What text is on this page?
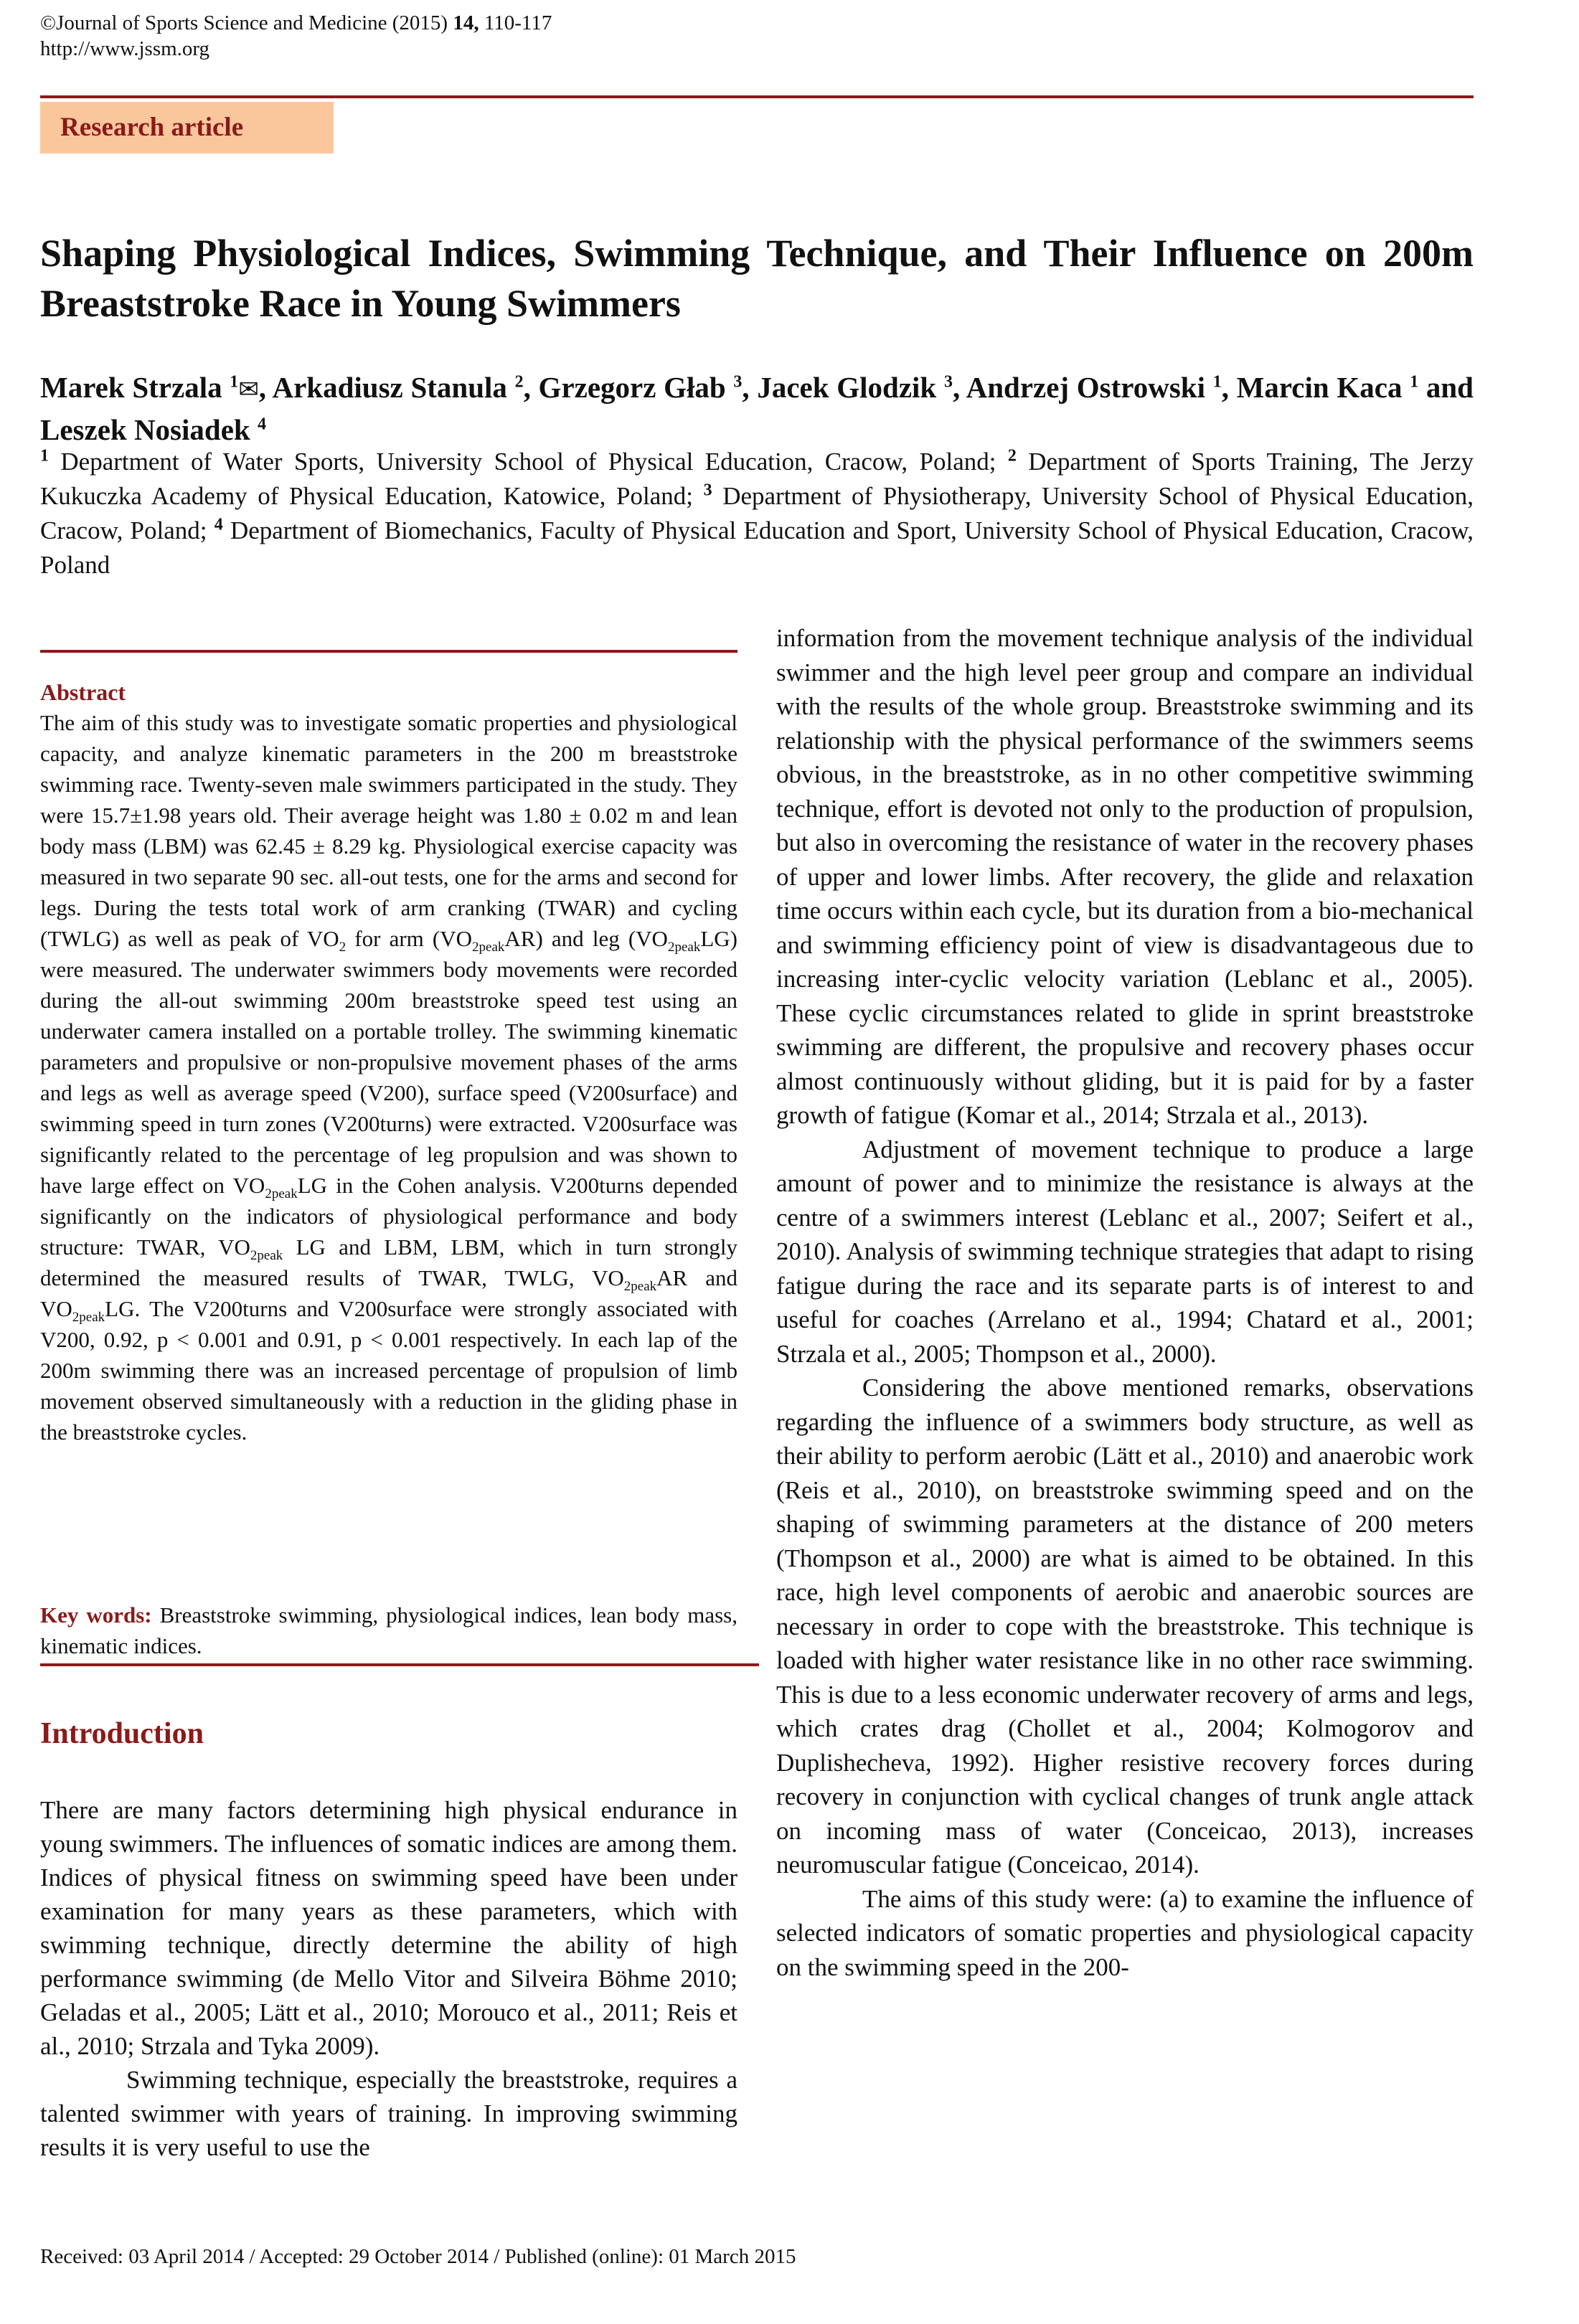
©Journal of Sports Science and Medicine (2015) 14, 110-117
http://www.jssm.org
Research article
Shaping Physiological Indices, Swimming Technique, and Their Influence on 200m Breaststroke Race in Young Swimmers
Marek Strzala $^1$✉, Arkadiusz Stanula $^2$, Grzegorz Głab $^3$, Jacek Glodzik $^3$, Andrzej Ostrowski $^1$, Marcin Kaca $^1$ and Leszek Nosiadek $^4$
$^1$ Department of Water Sports, University School of Physical Education, Cracow, Poland; $^2$ Department of Sports Training, The Jerzy Kukuczka Academy of Physical Education, Katowice, Poland; $^3$ Department of Physiotherapy, University School of Physical Education, Cracow, Poland; $^4$ Department of Biomechanics, Faculty of Physical Education and Sport, University School of Physical Education, Cracow, Poland
Abstract
The aim of this study was to investigate somatic properties and physiological capacity, and analyze kinematic parameters in the 200 m breaststroke swimming race. Twenty-seven male swimmers participated in the study. They were 15.7±1.98 years old. Their average height was 1.80 ± 0.02 m and lean body mass (LBM) was 62.45 ± 8.29 kg. Physiological exercise capacity was measured in two separate 90 sec. all-out tests, one for the arms and second for legs. During the tests total work of arm cranking (TWAR) and cycling (TWLG) as well as peak of $VO_2$ for arm $(VO_{2peak}AR)$ and leg $(VO_{2peak}LG)$ were measured. The underwater swimmers body movements were recorded during the all-out swimming 200m breaststroke speed test using an underwater camera installed on a portable trolley. The swimming kinematic parameters and propulsive or non-propulsive movement phases of the arms and legs as well as average speed (V200), surface speed (V200surface) and swimming speed in turn zones (V200turns) were extracted. V200surface was significantly related to the percentage of leg propulsion and was shown to have large effect on $VO_{2peak}LG$ in the Cohen analysis. V200turns depended significantly on the indicators of physiological performance and body structure: TWAR, $VO_{2peak}$ LG and LBM, LBM, which in turn strongly determined the measured results of TWAR, TWLG, $VO_{2peak}AR$ and $VO_{2peak}LG$. The V200turns and V200surface were strongly associated with V200, 0.92, p < 0.001 and 0.91, p < 0.001 respectively. In each lap of the 200m swimming there was an increased percentage of propulsion of limb movement observed simultaneously with a reduction in the gliding phase in the breaststroke cycles.
Key words: Breaststroke swimming, physiological indices, lean body mass, kinematic indices.
Introduction

There are many factors determining high physical endurance in young swimmers. The influences of somatic indices are among them. Indices of physical fitness on swimming speed have been under examination for many years as these parameters, which with swimming technique, directly determine the ability of high performance swimming (de Mello Vitor and Silveira Böhme 2010; Geladas et al., 2005; Lätt et al., 2010; Morouco et al., 2011; Reis et al., 2010; Strzala and Tyka 2009).

Swimming technique, especially the breaststroke, requires a talented swimmer with years of training. In improving swimming results it is very useful to use the

information from the movement technique analysis of the individual swimmer and the high level peer group and compare an individual with the results of the whole group. Breaststroke swimming and its relationship with the physical performance of the swimmers seems obvious, in the breaststroke, as in no other competitive swimming technique, effort is devoted not only to the production of propulsion, but also in overcoming the resistance of water in the recovery phases of upper and lower limbs. After recovery, the glide and relaxation time occurs within each cycle, but its duration from a bio-mechanical and swimming efficiency point of view is disadvantageous due to increasing inter-cyclic velocity variation (Leblanc et al., 2005). These cyclic circumstances related to glide in sprint breaststroke swimming are different, the propulsive and recovery phases occur almost continuously without gliding, but it is paid for by a faster growth of fatigue (Komar et al., 2014; Strzala et al., 2013).

Adjustment of movement technique to produce a large amount of power and to minimize the resistance is always at the centre of a swimmers interest (Leblanc et al., 2007; Seifert et al., 2010). Analysis of swimming technique strategies that adapt to rising fatigue during the race and its separate parts is of interest to and useful for coaches (Arrelano et al., 1994; Chatard et al., 2001; Strzala et al., 2005; Thompson et al., 2000).

Considering the above mentioned remarks, observations regarding the influence of a swimmers body structure, as well as their ability to perform aerobic (Lätt et al., 2010) and anaerobic work (Reis et al., 2010), on breaststroke swimming speed and on the shaping of swimming parameters at the distance of 200 meters (Thompson et al., 2000) are what is aimed to be obtained. In this race, high level components of aerobic and anaerobic sources are necessary in order to cope with the breaststroke. This technique is loaded with higher water resistance like in no other race swimming. This is due to a less economic underwater recovery of arms and legs, which crates drag (Chollet et al., 2004; Kolmogorov and Duplishecheva, 1992). Higher resistive recovery forces during recovery in conjunction with cyclical changes of trunk angle attack on incoming mass of water (Conceicao, 2013), increases neuromuscular fatigue (Conceicao, 2014).

The aims of this study were: (a) to examine the influence of selected indicators of somatic properties and physiological capacity on the swimming speed in the 200-

Received: 03 April 2014 / Accepted: 29 October 2014 / Published (online): 01 March 2015
